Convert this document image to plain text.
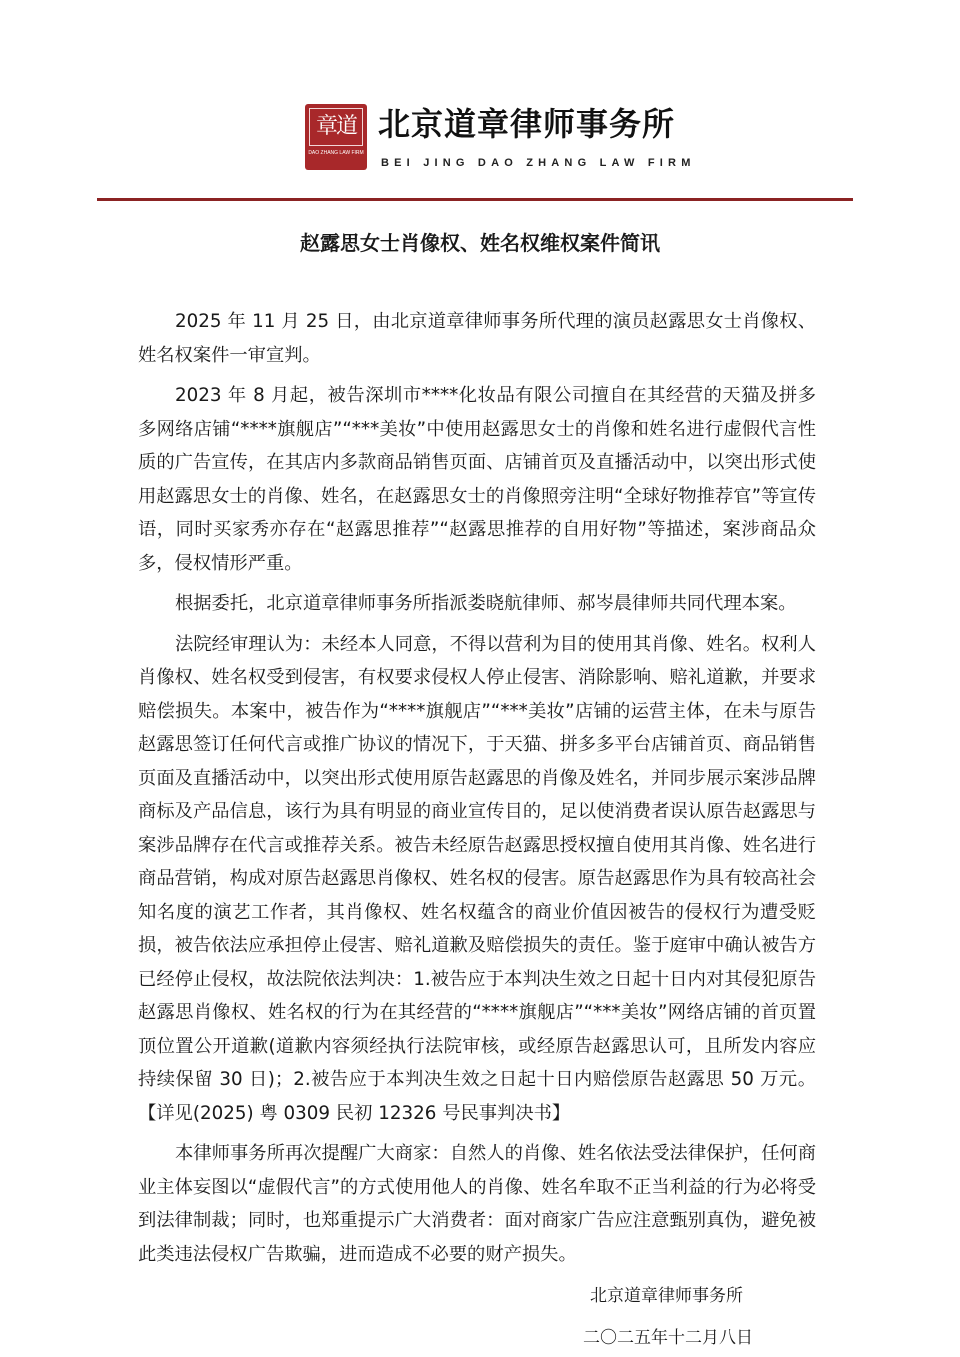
章道
DAO ZHANG LAW FIRM
北京道章律师事务所
BEI JING DAO ZHANG LAW FIRM
赵露思女士肖像权、姓名权维权案件简讯

2025 年 11 月 25 日，由北京道章律师事务所代理的演员赵露思女士肖像权、姓名权案件一审宣判。

2023 年 8 月起，被告深圳市****化妆品有限公司擅自在其经营的天猫及拼多多网络店铺“****旗舰店”“***美妆”中使用赵露思女士的肖像和姓名进行虚假代言性质的广告宣传，在其店内多款商品销售页面、店铺首页及直播活动中，以突出形式使用赵露思女士的肖像、姓名，在赵露思女士的肖像照旁注明“全球好物推荐官”等宣传语，同时买家秀亦存在“赵露思推荐”“赵露思推荐的自用好物”等描述，案涉商品众多，侵权情形严重。

根据委托，北京道章律师事务所指派娄晓航律师、郝岑晨律师共同代理本案。

法院经审理认为：未经本人同意，不得以营利为目的使用其肖像、姓名。权利人肖像权、姓名权受到侵害，有权要求侵权人停止侵害、消除影响、赔礼道歉，并要求赔偿损失。本案中，被告作为“****旗舰店”“***美妆”店铺的运营主体，在未与原告赵露思签订任何代言或推广协议的情况下，于天猫、拼多多平台店铺首页、商品销售页面及直播活动中，以突出形式使用原告赵露思的肖像及姓名，并同步展示案涉品牌商标及产品信息，该行为具有明显的商业宣传目的，足以使消费者误认原告赵露思与案涉品牌存在代言或推荐关系。被告未经原告赵露思授权擅自使用其肖像、姓名进行商品营销，构成对原告赵露思肖像权、姓名权的侵害。原告赵露思作为具有较高社会知名度的演艺工作者，其肖像权、姓名权蕴含的商业价值因被告的侵权行为遭受贬损，被告依法应承担停止侵害、赔礼道歉及赔偿损失的责任。鉴于庭审中确认被告方已经停止侵权，故法院依法判决：1.被告应于本判决生效之日起十日内对其侵犯原告赵露思肖像权、姓名权的行为在其经营的“****旗舰店”“***美妆”网络店铺的首页置顶位置公开道歉(道歉内容须经执行法院审核，或经原告赵露思认可，且所发内容应持续保留 30 日)；2.被告应于本判决生效之日起十日内赔偿原告赵露思 50 万元。【详见(2025) 粤 0309 民初 12326 号民事判决书】

本律师事务所再次提醒广大商家：自然人的肖像、姓名依法受法律保护，任何商业主体妄图以“虚假代言”的方式使用他人的肖像、姓名牟取不正当利益的行为必将受到法律制裁；同时，也郑重提示广大消费者：面对商家广告应注意甄别真伪，避免被此类违法侵权广告欺骗，进而造成不必要的财产损失。

北京道章律师事务所
二〇二五年十二月八日
